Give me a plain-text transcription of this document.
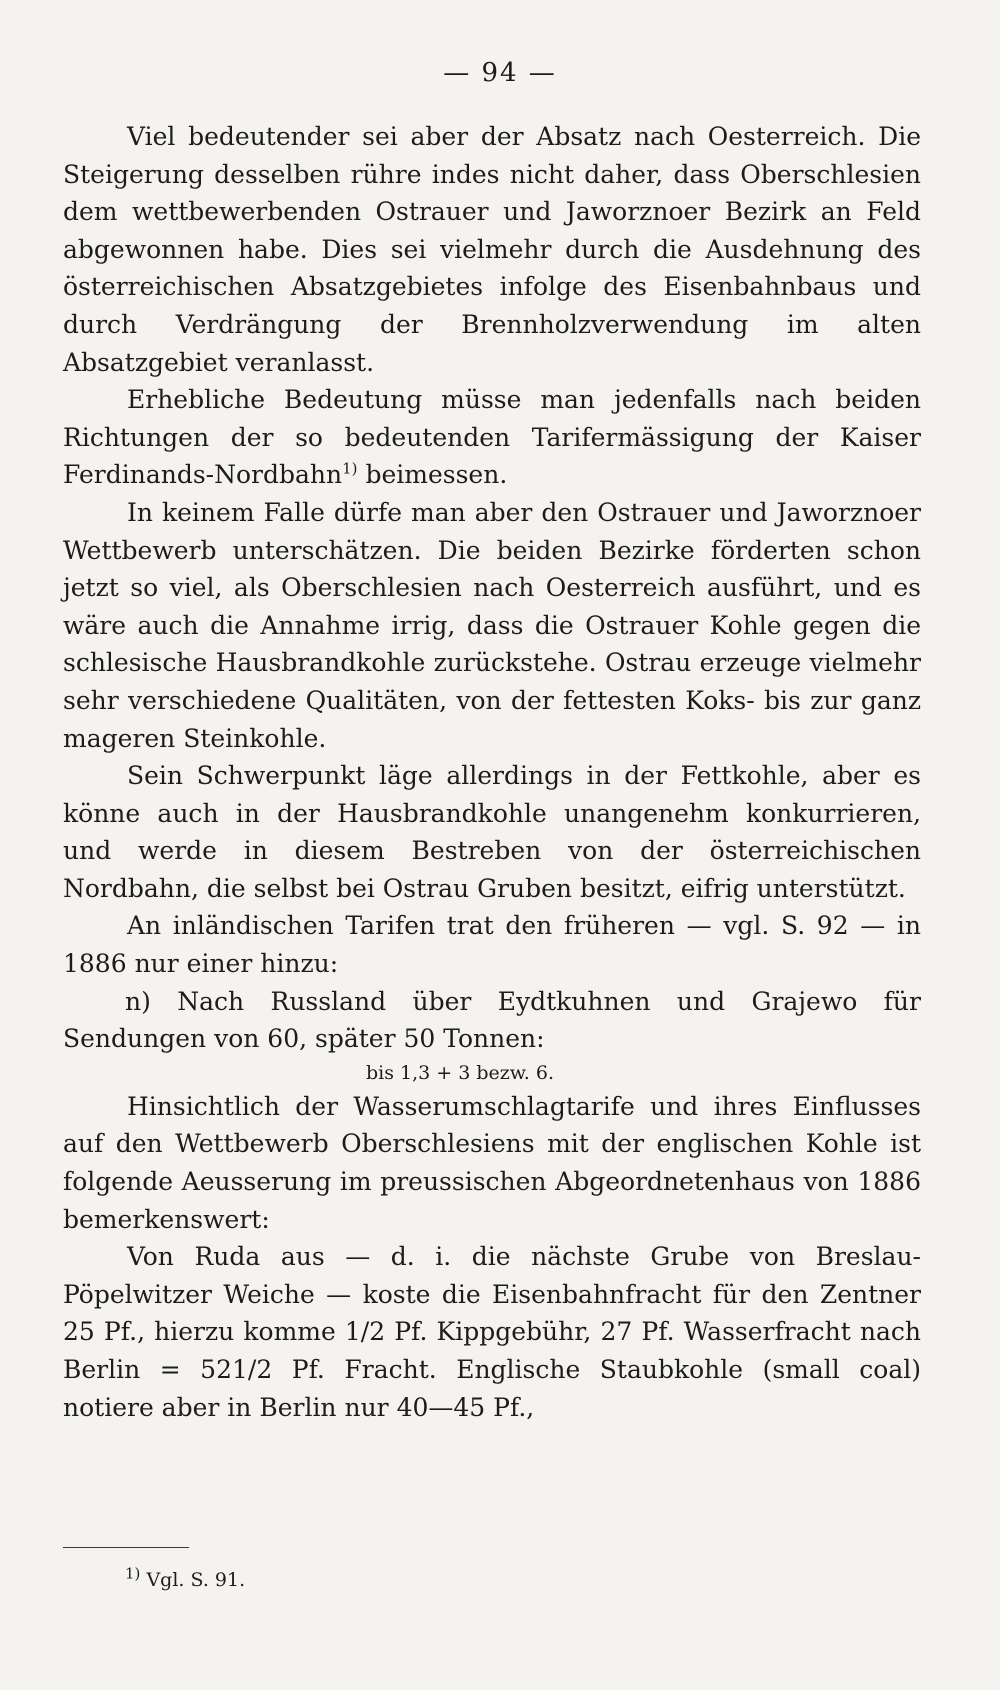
— 94 —

Viel bedeutender sei aber der Absatz nach Oesterreich. Die Steigerung desselben rühre indes nicht daher, dass Oberschlesien dem wettbewerbenden Ostrauer und Jaworznoer Bezirk an Feld abgewonnen habe. Dies sei vielmehr durch die Ausdehnung des österreichischen Absatzgebietes infolge des Eisenbahnbaus und durch Verdrängung der Brennholzverwendung im alten Absatzgebiet veranlasst.

Erhebliche Bedeutung müsse man jedenfalls nach beiden Richtungen der so bedeutenden Tarifermässigung der Kaiser Ferdinands-Nordbahn$^{1)}$ beimessen.

In keinem Falle dürfe man aber den Ostrauer und Jaworznoer Wettbewerb unterschätzen. Die beiden Bezirke förderten schon jetzt so viel, als Oberschlesien nach Oesterreich ausführt, und es wäre auch die Annahme irrig, dass die Ostrauer Kohle gegen die schlesische Hausbrandkohle zurückstehe. Ostrau erzeuge vielmehr sehr verschiedene Qualitäten, von der fettesten Koks- bis zur ganz mageren Steinkohle.

Sein Schwerpunkt läge allerdings in der Fettkohle, aber es könne auch in der Hausbrandkohle unangenehm konkurrieren, und werde in diesem Bestreben von der österreichischen Nordbahn, die selbst bei Ostrau Gruben besitzt, eifrig unterstützt.

An inländischen Tarifen trat den früheren — vgl. S. 92 — in 1886 nur einer hinzu:

n) Nach Russland über Eydtkuhnen und Grajewo für Sendungen von 60, später 50 Tonnen:

bis 1,3 + 3 bezw. 6.

Hinsichtlich der Wasserumschlagtarife und ihres Einflusses auf den Wettbewerb Oberschlesiens mit der englischen Kohle ist folgende Aeusserung im preussischen Abgeordnetenhaus von 1886 bemerkenswert:

Von Ruda aus — d. i. die nächste Grube von Breslau-Pöpelwitzer Weiche — koste die Eisenbahnfracht für den Zentner 25 Pf., hierzu komme 1/2 Pf. Kippgebühr, 27 Pf. Wasserfracht nach Berlin = 521/2 Pf. Fracht. Englische Staubkohle (small coal) notiere aber in Berlin nur 40—45 Pf.,

$^{1)}$ Vgl. S. 91.
